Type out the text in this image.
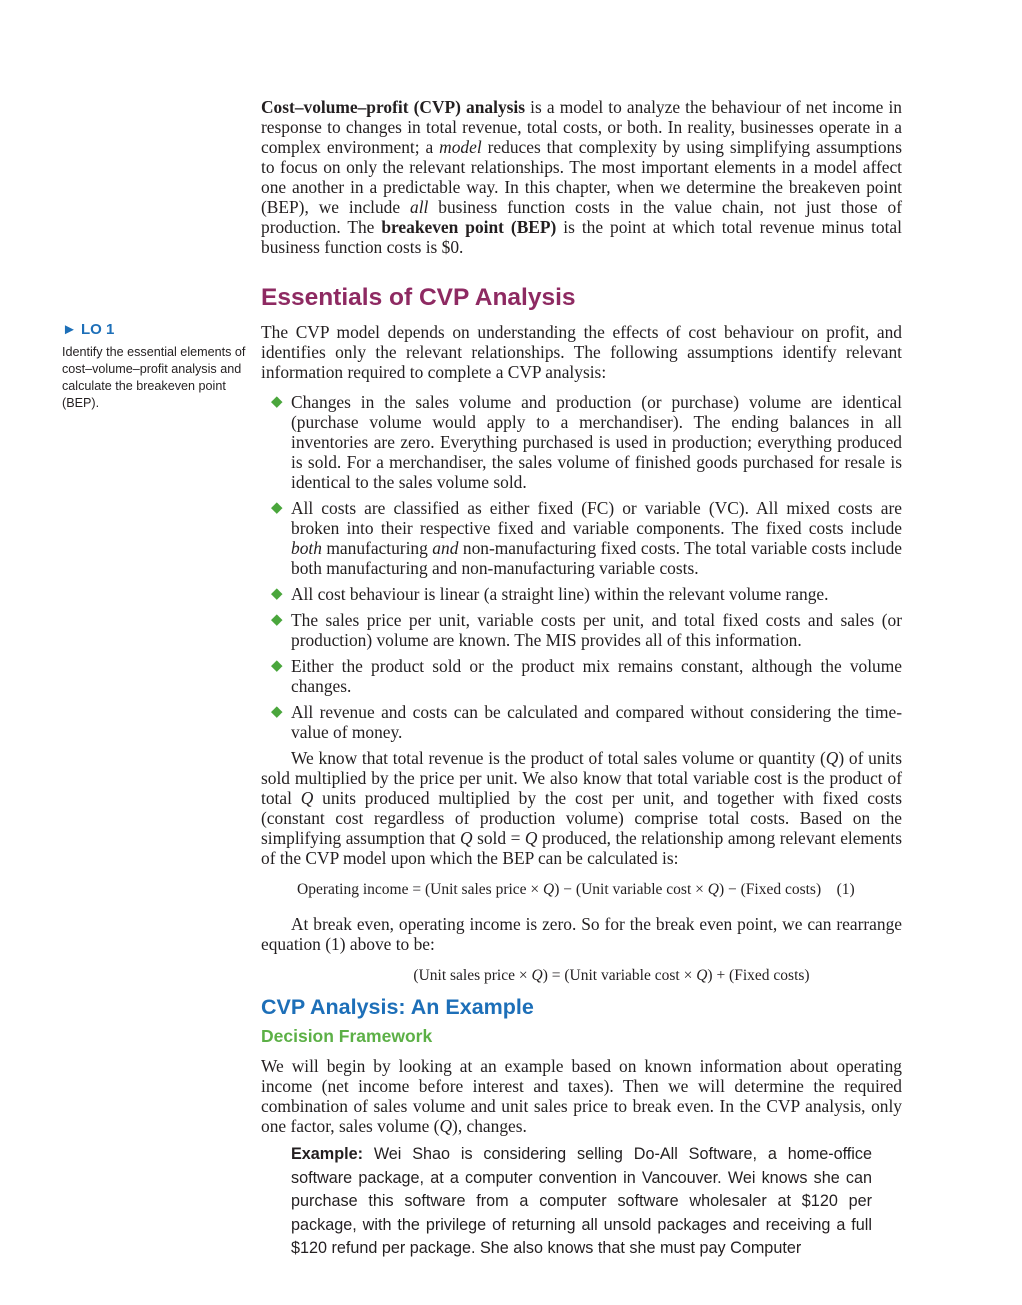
Cost–volume–profit (CVP) analysis is a model to analyze the behaviour of net income in response to changes in total revenue, total costs, or both. In reality, businesses operate in a complex environment; a model reduces that complexity by using simplifying assumptions to focus on only the relevant relationships. The most important elements in a model affect one another in a predictable way. In this chapter, when we determine the breakeven point (BEP), we include all business function costs in the value chain, not just those of production. The breakeven point (BEP) is the point at which total revenue minus total business function costs is $0.

Essentials of CVP Analysis
► LO 1
Identify the essential elements of cost–volume–profit analysis and calculate the breakeven point (BEP).

The CVP model depends on understanding the effects of cost behaviour on profit, and identifies only the relevant relationships. The following assumptions identify relevant information required to complete a CVP analysis:

◆ Changes in the sales volume and production (or purchase) volume are identical (purchase volume would apply to a merchandiser). The ending balances in all inventories are zero. Everything purchased is used in production; everything produced is sold. For a merchandiser, the sales volume of finished goods purchased for resale is identical to the sales volume sold.
◆ All costs are classified as either fixed (FC) or variable (VC). All mixed costs are broken into their respective fixed and variable components. The fixed costs include both manufacturing and non-manufacturing fixed costs. The total variable costs include both manufacturing and non-manufacturing variable costs.
◆ All cost behaviour is linear (a straight line) within the relevant volume range.
◆ The sales price per unit, variable costs per unit, and total fixed costs and sales (or production) volume are known. The MIS provides all of this information.
◆ Either the product sold or the product mix remains constant, although the volume changes.
◆ All revenue and costs can be calculated and compared without considering the time-value of money.

We know that total revenue is the product of total sales volume or quantity (Q) of units sold multiplied by the price per unit. We also know that total variable cost is the product of total Q units produced multiplied by the cost per unit, and together with fixed costs (constant cost regardless of production volume) comprise total costs. Based on the simplifying assumption that Q sold = Q produced, the relationship among relevant elements of the CVP model upon which the BEP can be calculated is:

Operating income = (Unit sales price × Q) − (Unit variable cost × Q) − (Fixed costs)    (1)

At break even, operating income is zero. So for the break even point, we can rearrange equation (1) above to be:

(Unit sales price × Q) = (Unit variable cost × Q) + (Fixed costs)

CVP Analysis: An Example
Decision Framework

We will begin by looking at an example based on known information about operating income (net income before interest and taxes). Then we will determine the required combination of sales volume and unit sales price to break even. In the CVP analysis, only one factor, sales volume (Q), changes.

Example: Wei Shao is considering selling Do-All Software, a home-office software package, at a computer convention in Vancouver. Wei knows she can purchase this software from a computer software wholesaler at $120 per package, with the privilege of returning all unsold packages and receiving a full $120 refund per package. She also knows that she must pay Computer
